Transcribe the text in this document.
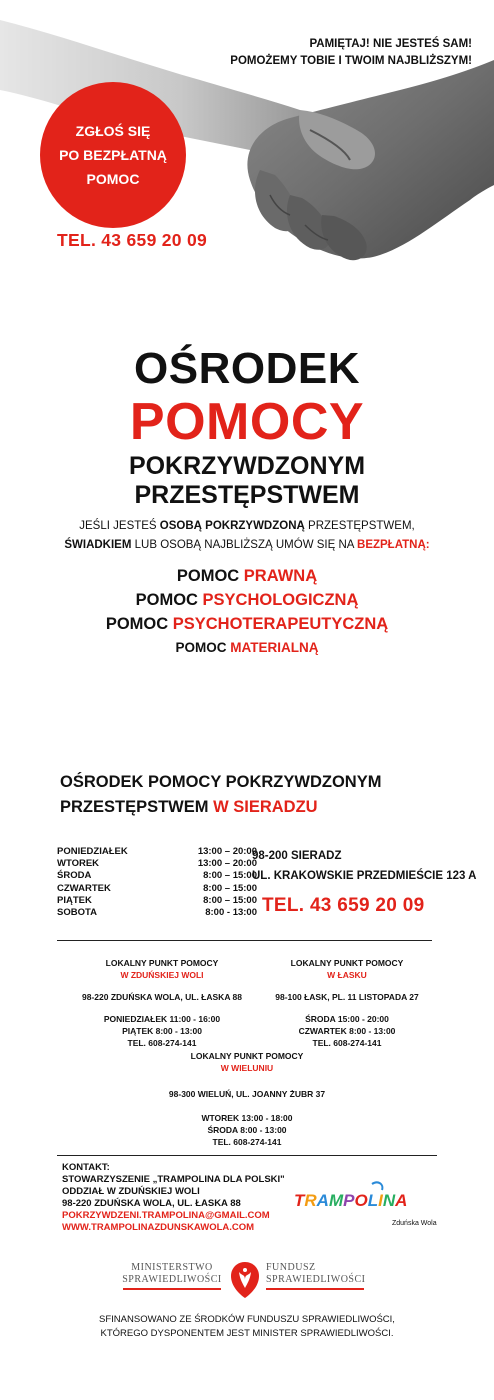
PAMIĘTAJ! NIE JESTEŚ SAM!
POMOŻEMY TOBIE I TWOIM NAJBLIŻSZYM!
ZGŁOŚ SIĘ
PO BEZPŁATNĄ
POMOC
TEL. 43 659 20 09
OŚRODEK
POMOCY
POKRZYWDZONYM
PRZESTĘPSTWEM
JEŚLI JESTEŚ OSOBĄ POKRZYWDZONĄ PRZESTĘPSTWEM,
ŚWIADKIEM LUB OSOBĄ NAJBLIŻSZĄ UMÓW SIĘ NA BEZPŁATNĄ:
POMOC PRAWNĄ
POMOC PSYCHOLOGICZNĄ
POMOC PSYCHOTERAPEUTYCZNĄ
POMOC MATERIALNĄ
OŚRODEK POMOCY POKRZYWDZONYM
PRZESTĘPSTWEM W SIERADZU
PONIEDZIAŁEK	13:00 – 20:00
WTOREK	13:00 – 20:00
ŚRODA	8:00 – 15:00
CZWARTEK	8:00 – 15:00
PIĄTEK	8:00 – 15:00
SOBOTA	8:00 - 13:00
98-200 SIERADZ
UL. KRAKOWSKIE PRZEDMIEŚCIE 123 A
TEL. 43 659 20 09
LOKALNY PUNKT POMOCY
W ZDUŃSKIEJ WOLI
98-220 ZDUŃSKA WOLA, UL. ŁASKA 88
PONIEDZIAŁEK 11:00 - 16:00
PIĄTEK 8:00 - 13:00
TEL. 608-274-141
LOKALNY PUNKT POMOCY
W ŁASKU
98-100 ŁASK, PL. 11 LISTOPADA 27
ŚRODA 15:00 - 20:00
CZWARTEK 8:00 - 13:00
TEL. 608-274-141
LOKALNY PUNKT POMOCY
W WIELUNIU
98-300 WIELUŃ, UL. JOANNY ŻUBR 37
WTOREK 13:00 - 18:00
ŚRODA 8:00 - 13:00
TEL. 608-274-141
KONTAKT:
STOWARZYSZENIE „TRAMPOLINA DLA POLSKI"
ODDZIAŁ W ZDUŃSKIEJ WOLI
98-220 ZDUŃSKA WOLA, UL. ŁASKA 88
POKRZYWDZENI.TRAMPOLINA@GMAIL.COM
WWW.TRAMPOLINAZDUNSKAWOLA.COM
TRAMPOLINA
Zduńska Wola
MINISTERSTWO
SPRAWIEDLIWOŚCI
FUNDUSZ
SPRAWIEDLIWOŚCI
SFINANSOWANO ZE ŚRODKÓW FUNDUSZU SPRAWIEDLIWOŚCI,
KTÓREGO DYSPONENTEM JEST MINISTER SPRAWIEDLIWOŚCI.
